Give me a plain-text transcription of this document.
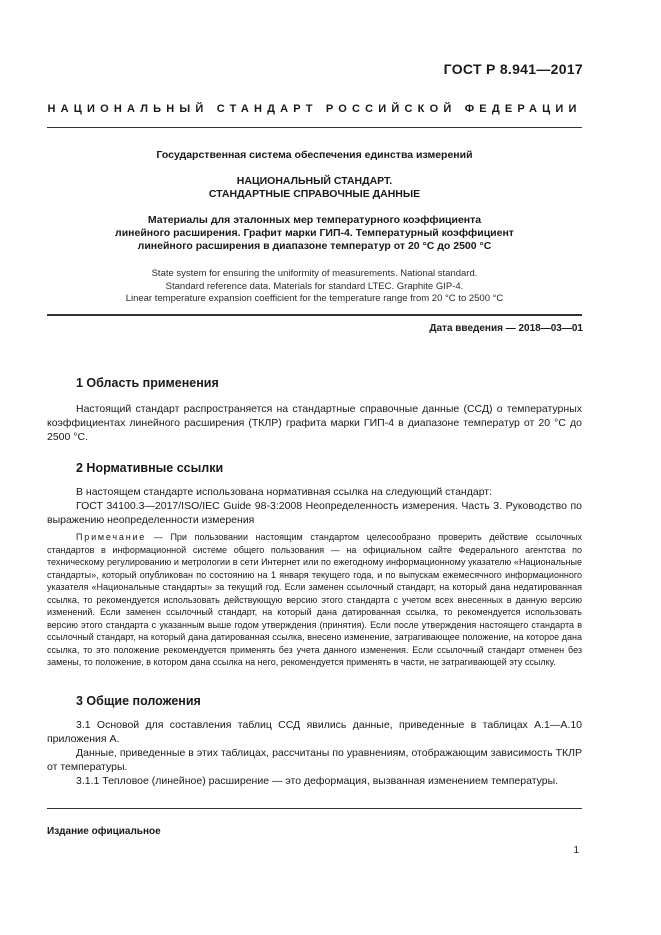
ГОСТ Р 8.941—2017
НАЦИОНАЛЬНЫЙ СТАНДАРТ РОССИЙСКОЙ ФЕДЕРАЦИИ
Государственная система обеспечения единства измерений
НАЦИОНАЛЬНЫЙ СТАНДАРТ.
СТАНДАРТНЫЕ СПРАВОЧНЫЕ ДАННЫЕ
Материалы для эталонных мер температурного коэффициента
линейного расширения. Графит марки ГИП-4. Температурный коэффициент
линейного расширения в диапазоне температур от 20 °С до 2500 °С
State system for ensuring the uniformity of measurements. National standard.
Standard reference data. Materials for standard LTEC. Graphite GIP-4.
Linear temperature expansion coefficient for the temperature range from 20 °C to 2500 °C
Дата введения — 2018—03—01
1 Область применения
Настоящий стандарт распространяется на стандартные справочные данные (ССД) о температурных коэффициентах линейного расширения (ТКЛР) графита марки ГИП-4 в диапазоне температур от 20 °С до 2500 °С.
2 Нормативные ссылки
В настоящем стандарте использована нормативная ссылка на следующий стандарт:
ГОСТ 34100.3—2017/ISO/IEC Guide 98-3:2008 Неопределенность измерения. Часть 3. Руководство по выражению неопределенности измерения
Примечание — При пользовании настоящим стандартом целесообразно проверить действие ссылочных стандартов в информационной системе общего пользования — на официальном сайте Федерального агентства по техническому регулированию и метрологии в сети Интернет или по ежегодному информационному указателю «Национальные стандарты», который опубликован по состоянию на 1 января текущего года, и по выпускам ежемесячного информационного указателя «Национальные стандарты» за текущий год. Если заменен ссылочный стандарт, на который дана недатированная ссылка, то рекомендуется использовать действующую версию этого стандарта с учетом всех внесенных в данную версию изменений. Если заменен ссылочный стандарт, на который дана датированная ссылка, то рекомендуется использовать версию этого стандарта с указанным выше годом утверждения (принятия). Если после утверждения настоящего стандарта в ссылочный стандарт, на который дана датированная ссылка, внесено изменение, затрагивающее положение, на которое дана ссылка, то это положение рекомендуется применять без учета данного изменения. Если ссылочный стандарт отменен без замены, то положение, в котором дана ссылка на него, рекомендуется применять в части, не затрагивающей эту ссылку.
3 Общие положения
3.1 Основой для составления таблиц ССД явились данные, приведенные в таблицах А.1—А.10 приложения А.
Данные, приведенные в этих таблицах, рассчитаны по уравнениям, отображающим зависимость ТКЛР от температуры.
3.1.1 Тепловое (линейное) расширение — это деформация, вызванная изменением температуры.
Издание официальное
1
